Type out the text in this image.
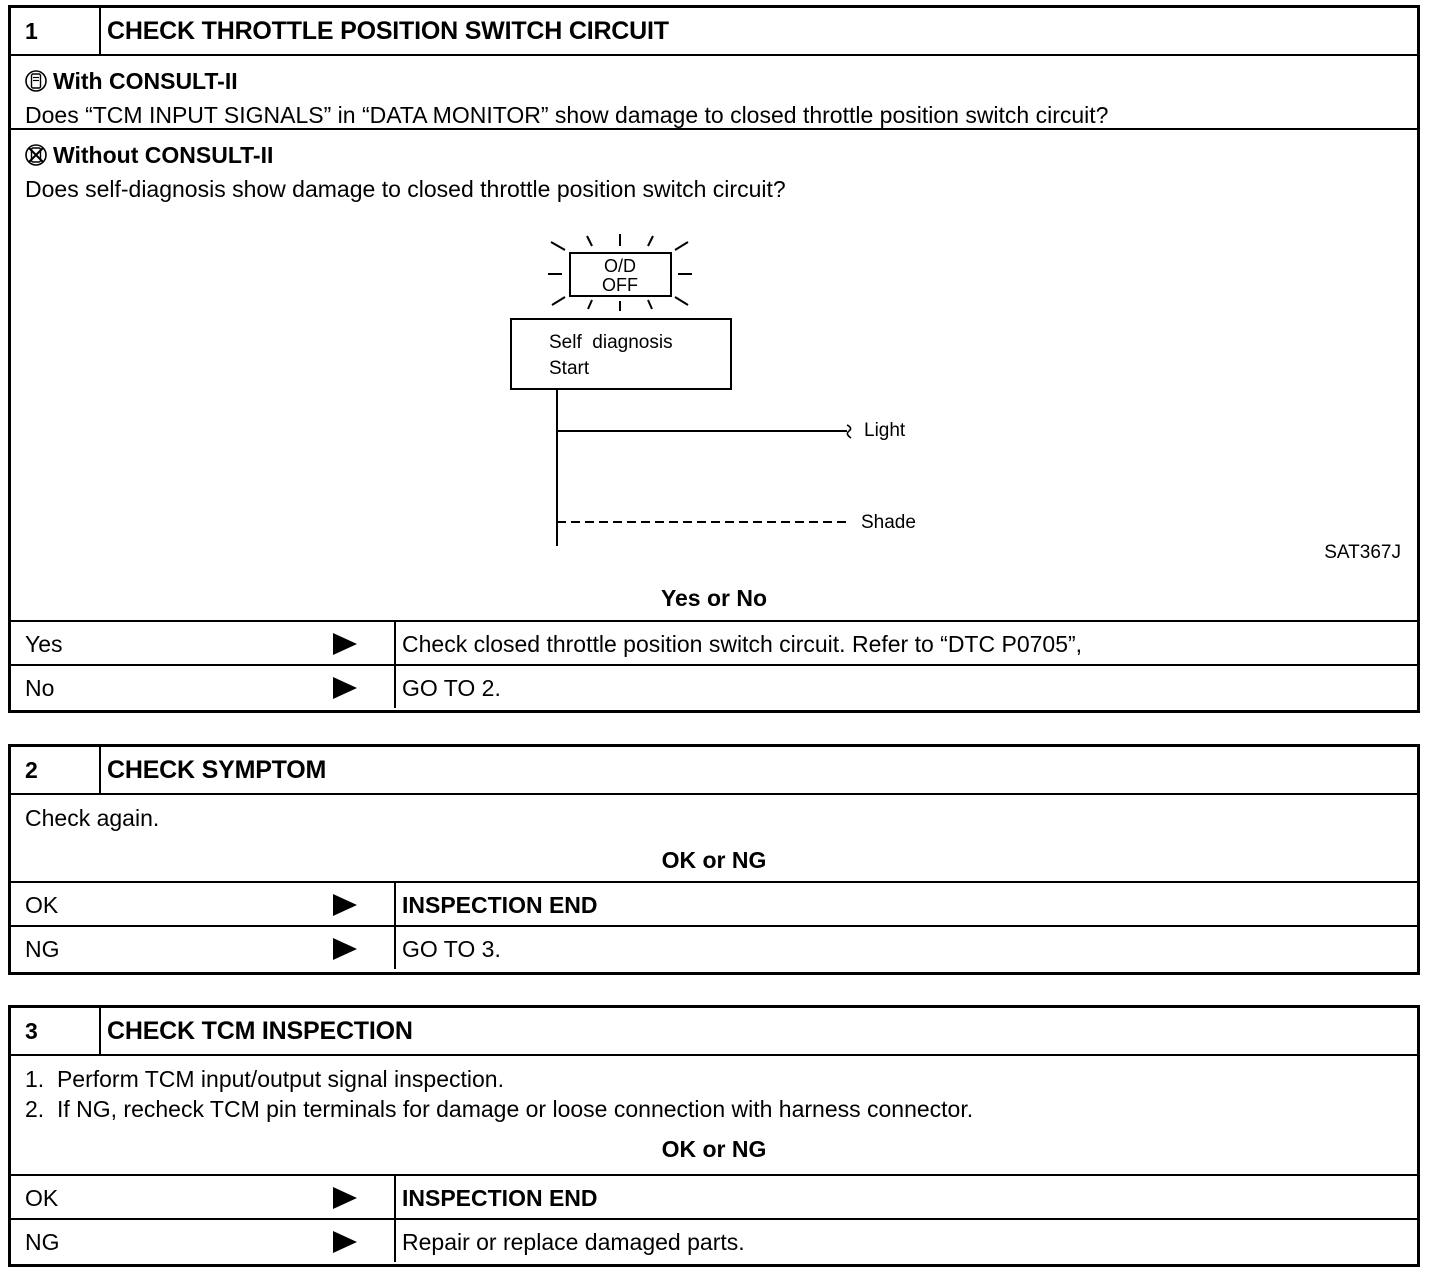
1	CHECK THROTTLE POSITION SWITCH CIRCUIT
With CONSULT-II
Does “TCM INPUT SIGNALS” in “DATA MONITOR” show damage to closed throttle position switch circuit?
Without CONSULT-II
Does self-diagnosis show damage to closed throttle position switch circuit?
O/D
OFF
Self  diagnosis
Start
Light
Shade
SAT367J
Yes or No
Yes	Check closed throttle position switch circuit. Refer to “DTC P0705”,
No	GO TO 2.
2	CHECK SYMPTOM
Check again.
OK or NG
OK	INSPECTION END
NG	GO TO 3.
3	CHECK TCM INSPECTION
1.  Perform TCM input/output signal inspection.
2.  If NG, recheck TCM pin terminals for damage or loose connection with harness connector.
OK or NG
OK	INSPECTION END
NG	Repair or replace damaged parts.
